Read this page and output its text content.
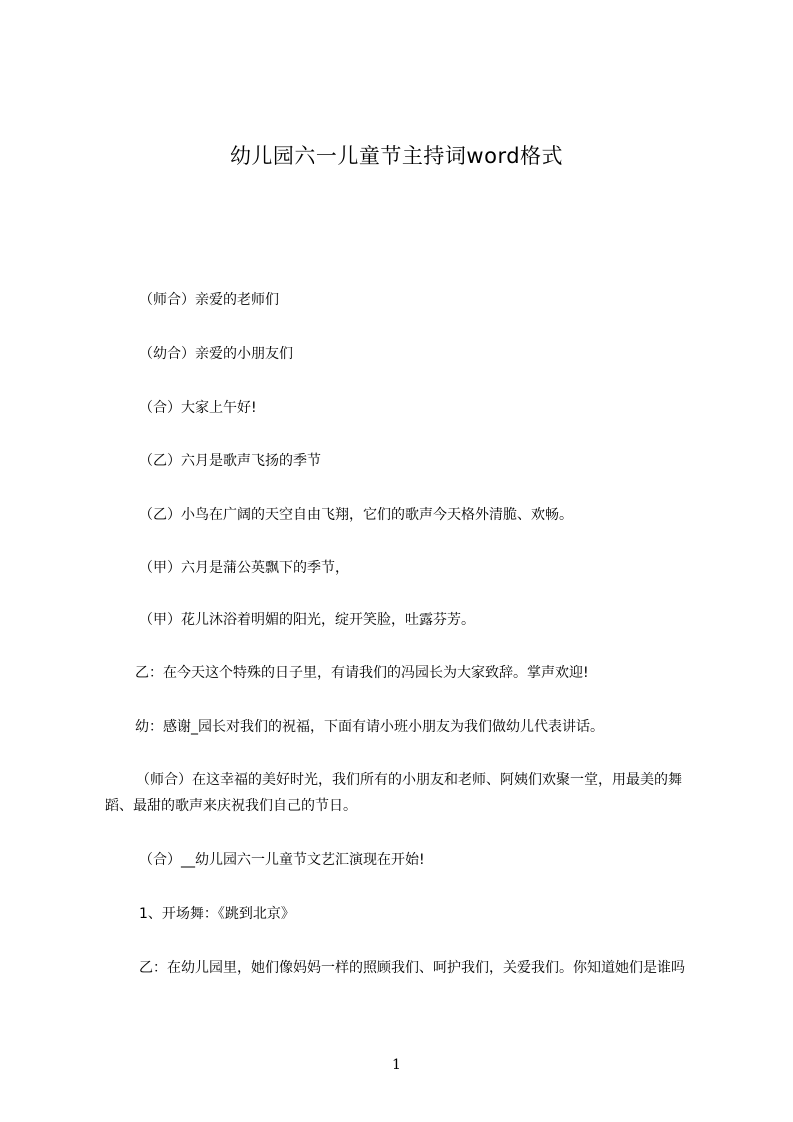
幼儿园六一儿童节主持词word格式

（师合）亲爱的老师们

（幼合）亲爱的小朋友们

（合）大家上午好!

（乙）六月是歌声飞扬的季节

（乙）小鸟在广阔的天空自由飞翔，它们的歌声今天格外清脆、欢畅。

（甲）六月是蒲公英飘下的季节，

（甲）花儿沐浴着明媚的阳光，绽开笑脸，吐露芬芳。

乙：在今天这个特殊的日子里，有请我们的冯园长为大家致辞。掌声欢迎!

幼：感谢_园长对我们的祝福，下面有请小班小朋友为我们做幼儿代表讲话。

（师合）在这幸福的美好时光，我们所有的小朋友和老师、阿姨们欢聚一堂，用最美的舞蹈、最甜的歌声来庆祝我们自己的节日。

（合）__幼儿园六一儿童节文艺汇演现在开始!

1、开场舞：《跳到北京》

乙：在幼儿园里，她们像妈妈一样的照顾我们、呵护我们，关爱我们。你知道她们是谁吗

1
